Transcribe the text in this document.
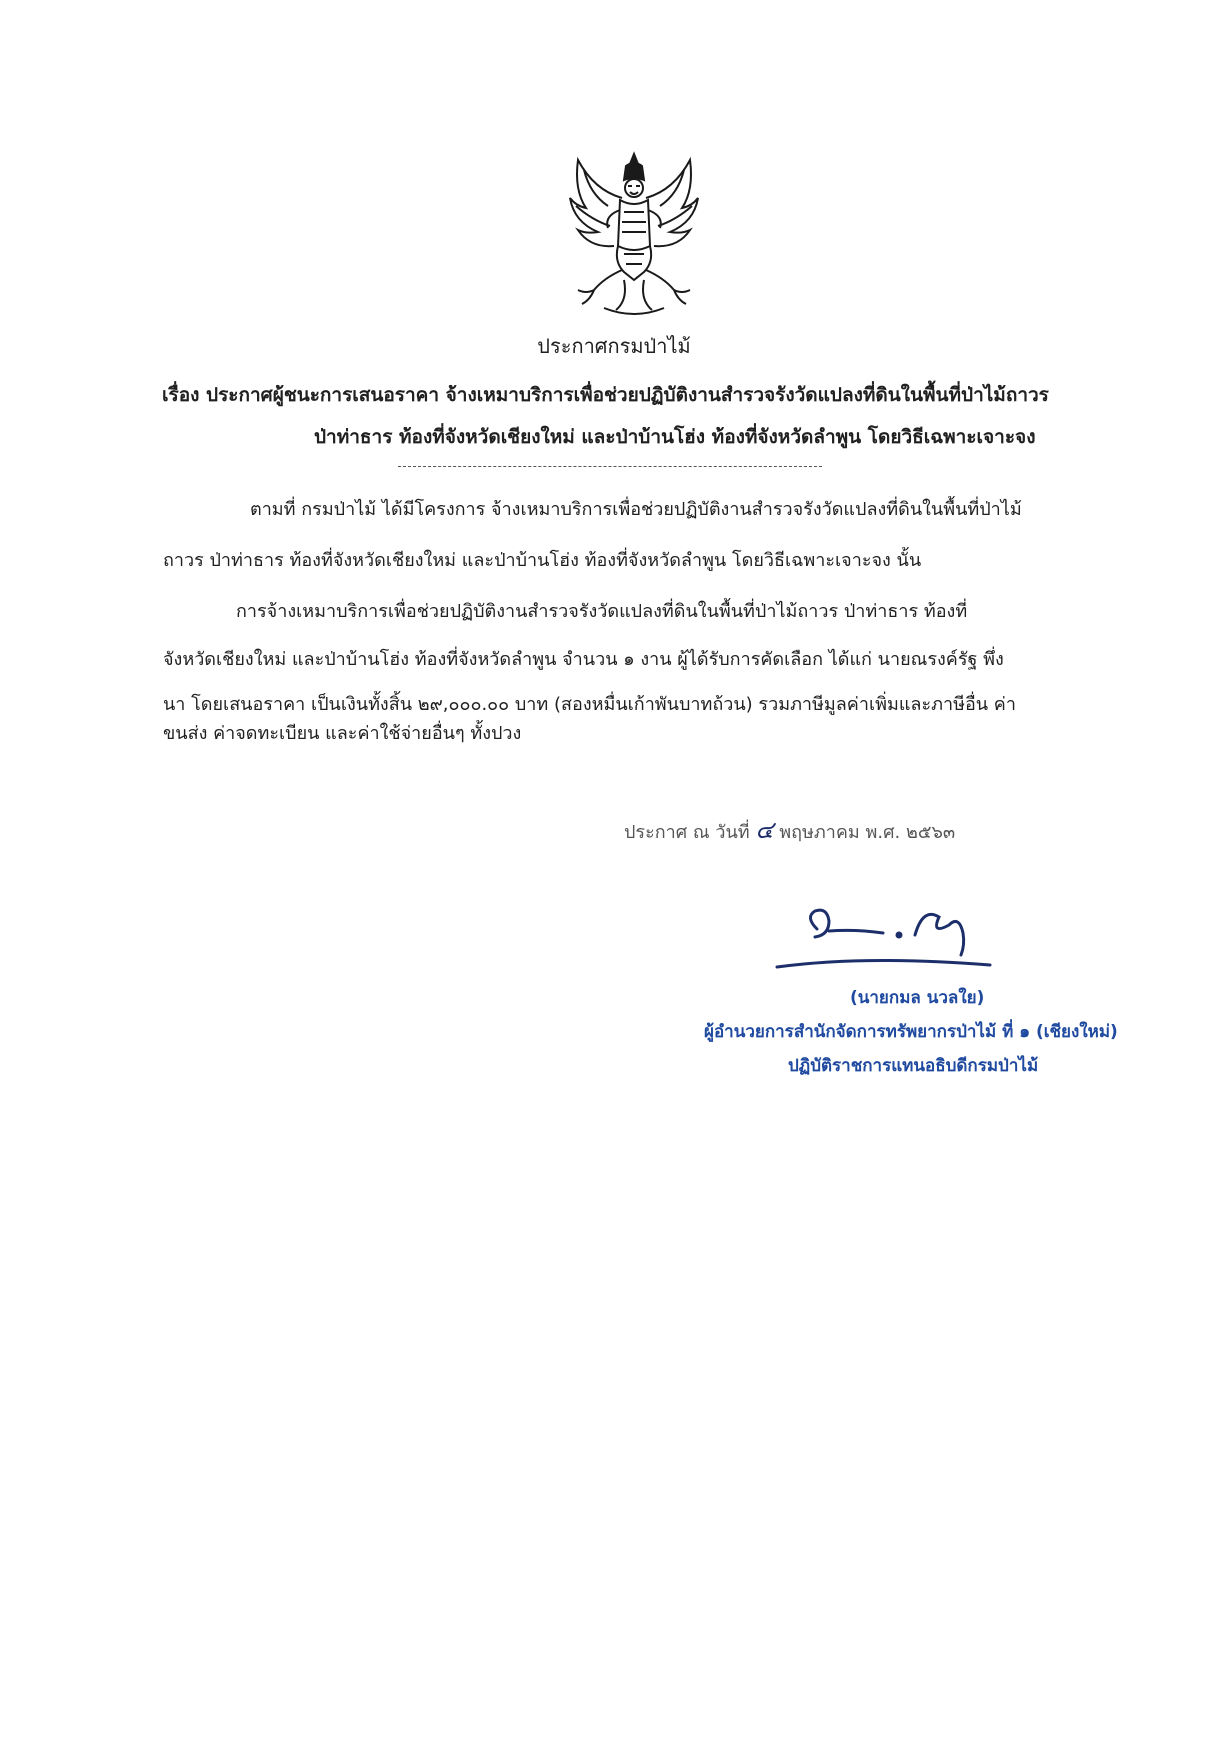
ประกาศกรมป่าไม้
เรื่อง ประกาศผู้ชนะการเสนอราคา จ้างเหมาบริการเพื่อช่วยปฏิบัติงานสำรวจรังวัดแปลงที่ดินในพื้นที่ป่าไม้ถาวร
ป่าท่าธาร ท้องที่จังหวัดเชียงใหม่ และป่าบ้านโฮ่ง ท้องที่จังหวัดลำพูน โดยวิธีเฉพาะเจาะจง
ตามที่ กรมป่าไม้ ได้มีโครงการ จ้างเหมาบริการเพื่อช่วยปฏิบัติงานสำรวจรังวัดแปลงที่ดินในพื้นที่ป่าไม้
ถาวร ป่าท่าธาร ท้องที่จังหวัดเชียงใหม่ และป่าบ้านโฮ่ง ท้องที่จังหวัดลำพูน โดยวิธีเฉพาะเจาะจง นั้น
การจ้างเหมาบริการเพื่อช่วยปฏิบัติงานสำรวจรังวัดแปลงที่ดินในพื้นที่ป่าไม้ถาวร ป่าท่าธาร ท้องที่
จังหวัดเชียงใหม่ และป่าบ้านโฮ่ง ท้องที่จังหวัดลำพูน จำนวน ๑ งาน ผู้ได้รับการคัดเลือก ได้แก่ นายณรงค์รัฐ พึ่ง
นา โดยเสนอราคา เป็นเงินทั้งสิ้น ๒๙,๐๐๐.๐๐ บาท (สองหมื่นเก้าพันบาทถ้วน) รวมภาษีมูลค่าเพิ่มและภาษีอื่น ค่า
ขนส่ง ค่าจดทะเบียน และค่าใช้จ่ายอื่นๆ ทั้งปวง
ประกาศ ณ วันที่ ๔ พฤษภาคม พ.ศ. ๒๕๖๓
(นายกมล นวลใย)
ผู้อำนวยการสำนักจัดการทรัพยากรป่าไม้ ที่ ๑ (เชียงใหม่)
ปฏิบัติราชการแทนอธิบดีกรมป่าไม้
